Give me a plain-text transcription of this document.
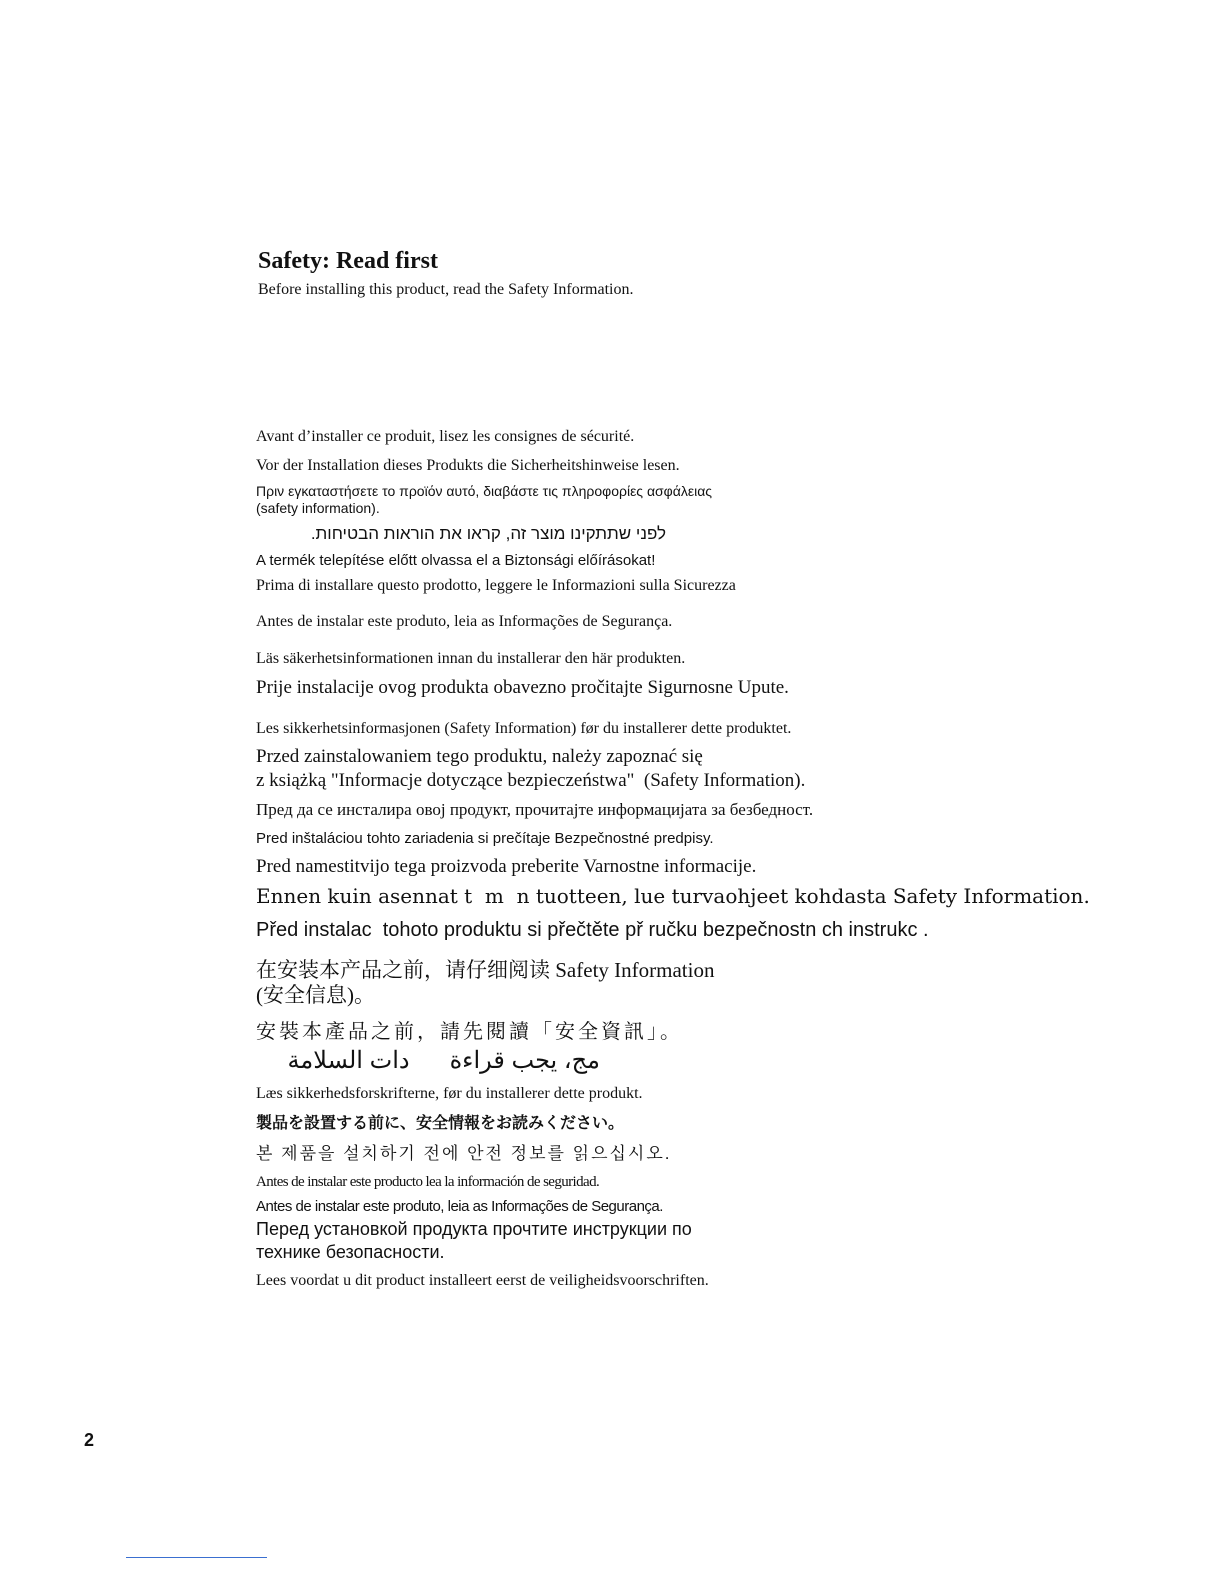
Safety: Read first
Before installing this product, read the Safety Information.
Avant d’installer ce produit, lisez les consignes de sécurité.
Vor der Installation dieses Produkts die Sicherheitshinweise lesen.
Πριν εγκαταστήσετε το προϊόν αυτό, διαβάστε τις πληροφορίες ασφάλειας
(safety information).
לפני שתתקינו מוצר זה, קראו את הוראות הבטיחות.
A termék telepítése előtt olvassa el a Biztonsági előírásokat!
Prima di installare questo prodotto, leggere le Informazioni sulla Sicurezza
Antes de instalar este produto, leia as Informações de Segurança.
Läs säkerhetsinformationen innan du installerar den här produkten.
Prije instalacije ovog produkta obavezno pročitajte Sigurnosne Upute.
Les sikkerhetsinformasjonen (Safety Information) før du installerer dette produktet.
Przed zainstalowaniem tego produktu, należy zapoznać się
z książką "Informacje dotyczące bezpieczeństwa"  (Safety Information).
Пред да се инсталира овој продукт, прочитајте информацијата за безбедност.
Pred inštaláciou tohto zariadenia si prečítaje Bezpečnostné predpisy.
Pred namestitvijo tega proizvoda preberite Varnostne informacije.
Ennen kuin asennat t  m  n tuotteen, lue turvaohjeet kohdasta Safety Information.
Před instalac  tohoto produktu si přečtěte př ručku bezpečnostn ch instrukc .
在安装本产品之前，请仔细阅读 Safety Information
(安全信息)。
安裝本產品之前，請先閱讀「安全資訊」。
مج، يجب قراءة      دات السلامة
Læs sikkerhedsforskrifterne, før du installerer dette produkt.
製品を設置する前に、安全情報をお読みください。
본 제품을 설치하기 전에 안전 정보를 읽으십시오.
Antes de instalar este producto lea la información de seguridad.
Antes de instalar este produto, leia as Informações de Segurança.
Перед установкой продукта прочтите инструкции по
технике безопасности.
Lees voordat u dit product installeert eerst de veiligheidsvoorschriften.
2
